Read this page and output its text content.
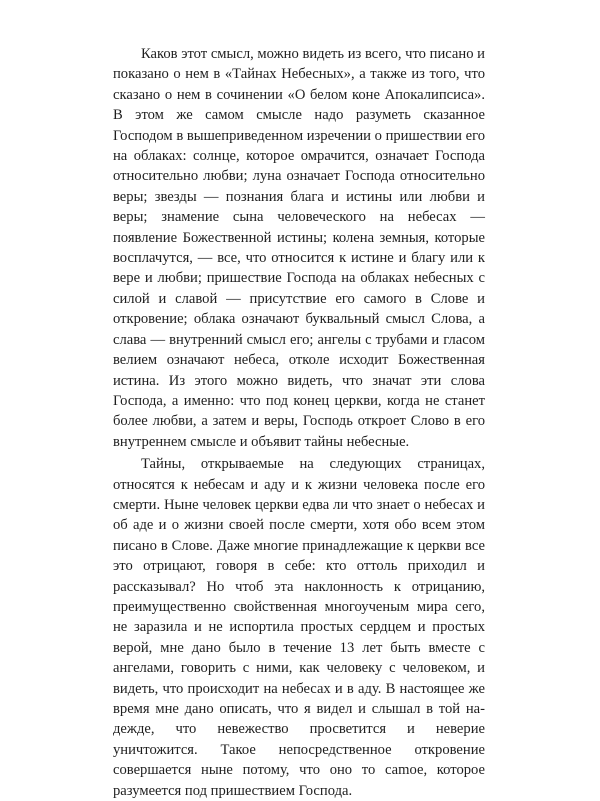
Каков этот смысл, можно видеть из всего, что писано и показано о нем в «Тайнах Небесных», а также из того, что сказано о нем в сочинении «О белом коне Апокалипсиса». В этом же самом смысле надо разуметь сказанное Господом в вышеприведенном изречении о пришествии его на облаках: солнце, которое омрачится, означает Господа относительно любви; луна означает Господа относительно веры; звезды — познания блага и истины или любви и веры; знамение сына человеческого на небесах — появление Божественной истины; колена земныя, которые восплачутся, — все, что относится к истине и благу или к вере и любви; пришествие Господа на облаках небесных с силой и славой — присутствие его самого в Слове и откровение; облака означают буквальный смысл Слова, а слава — внутренний смысл его; ангелы с трубами и гласом велием означают небеса, отколе исходит Божественная истина. Из этого можно видеть, что значат эти слова Господа, а именно: что под конец церкви, когда не станет более любви, а затем и веры, Господь откроет Слово в его внутреннем смысле и объявит тайны небесные.

Тайны, открываемые на следующих страницах, относятся к небесам и аду и к жизни человека после его смерти. Ныне человек церкви едва ли что знает о небесах и об аде и о жизни своей после смерти, хотя обо всем этом писано в Слове. Даже многие принадлежащие к церкви все это отрицают, говоря в себе: кто оттоль приходил и рассказывал? Но чтоб эта наклонность к отрицанию, преимущественно свойственная многоученым мира сего, не заразила и не испортила простых сердцем и простых верой, мне дано было в течение 13 лет быть вместе с ангелами, говорить с ними, как человеку с человеком, и видеть, что происходит на небесах и в аду. В настоящее же время мне дано описать, что я видел и слышал в той надежде, что невежество просветится и неверие уничтожится. Такое непосредственное откровение совершается ныне потому, что оно то саmое, которое разумеется под пришествием Господа.
